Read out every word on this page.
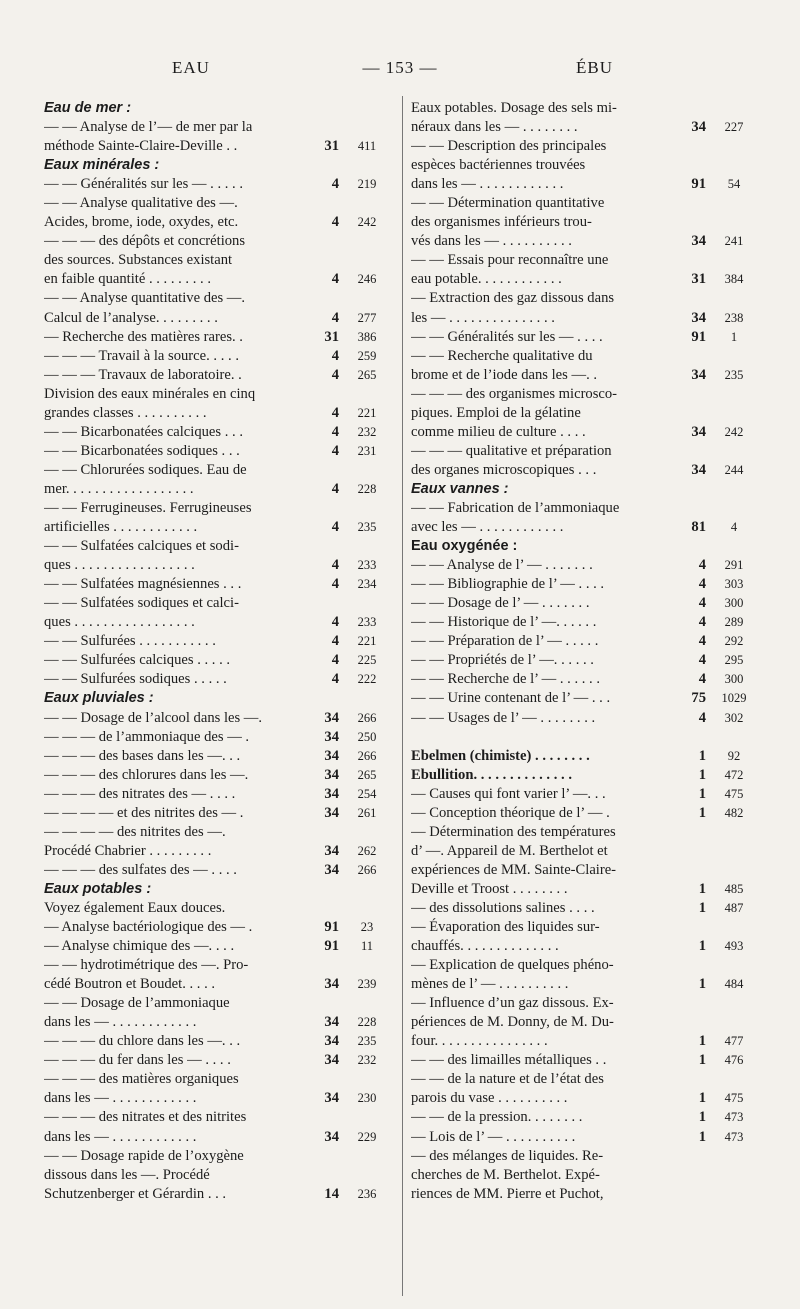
EAU	— 153 —	ÉBU
Eau de mer :
— — Analyse de l’— de mer par la
méthode Sainte-Claire-Deville . .	31	411
Eaux minérales :
— — Généralités sur les — . . . . .	4	219
— — Analyse qualitative des —.
Acides, brome, iode, oxydes, etc.	4	242
— — — des dépôts et concrétions
des sources. Substances existant
en faible quantité . . . . . . . . .	4	246
— — Analyse quantitative des —.
Calcul de l’analyse. . . . . . . . .	4	277
— Recherche des matières rares. .	31	386
— — — Travail à la source. . . . .	4	259
— — — Travaux de laboratoire. .	4	265
Division des eaux minérales en cinq
grandes classes . . . . . . . . . .	4	221
— — Bicarbonatées calciques . . .	4	232
— — Bicarbonatées sodiques . . .	4	231
— — Chlorurées sodiques. Eau de
mer. . . . . . . . . . . . . . . . . .	4	228
— — Ferrugineuses. Ferrugineuses
artificielles . . . . . . . . . . . .	4	235
— — Sulfatées calciques et sodi-
ques . . . . . . . . . . . . . . . . .	4	233
— — Sulfatées magnésiennes . . .	4	234
— — Sulfatées sodiques et calci-
ques . . . . . . . . . . . . . . . . .	4	233
— — Sulfurées . . . . . . . . . . .	4	221
— — Sulfurées calciques . . . . .	4	225
— — Sulfurées sodiques . . . . .	4	222
Eaux pluviales :
— — Dosage de l’alcool dans les —.	34	266
— — — de l’ammoniaque des — .	34	250
— — — des bases dans les —. . .	34	266
— — — des chlorures dans les —.	34	265
— — — des nitrates des — . . . .	34	254
— — — — et des nitrites des — .	34	261
— — — — des nitrites des —.
Procédé Chabrier . . . . . . . . .	34	262
— — — des sulfates des — . . . .	34	266
Eaux potables :
Voyez également Eaux douces.
— Analyse bactériologique des — .	91	23
— Analyse chimique des —. . . .	91	11
— — hydrotimétrique des —. Pro-
cédé Boutron et Boudet. . . . .	34	239
— — Dosage de l’ammoniaque
dans les — . . . . . . . . . . . .	34	228
— — — du chlore dans les —. . .	34	235
— — — du fer dans les — . . . .	34	232
— — — des matières organiques
dans les — . . . . . . . . . . . .	34	230
— — — des nitrates et des nitrites
dans les — . . . . . . . . . . . .	34	229
— — Dosage rapide de l’oxygène
dissous dans les —. Procédé
Schutzenberger et Gérardin . . .	14	236
Eaux potables. Dosage des sels mi-
néraux dans les — . . . . . . . .	34	227
— — Description des principales
espèces bactériennes trouvées
dans les — . . . . . . . . . . . .	91	54
— — Détermination quantitative
des organismes inférieurs trou-
vés dans les — . . . . . . . . . .	34	241
— — Essais pour reconnaître une
eau potable. . . . . . . . . . . .	31	384
— Extraction des gaz dissous dans
les — . . . . . . . . . . . . . . .	34	238
— — Généralités sur les — . . . .	91	1
— — Recherche qualitative du
brome et de l’iode dans les —. .	34	235
— — — des organismes microsco-
piques. Emploi de la gélatine
comme milieu de culture . . . .	34	242
— — — qualitative et préparation
des organes microscopiques . . .	34	244
Eaux vannes :
— — Fabrication de l’ammoniaque
avec les — . . . . . . . . . . . .	81	4
Eau oxygénée :
— — Analyse de l’ — . . . . . . .	4	291
— — Bibliographie de l’ — . . . .	4	303
— — Dosage de l’ — . . . . . . .	4	300
— — Historique de l’ —. . . . . .	4	289
— — Préparation de l’ — . . . . .	4	292
— — Propriétés de l’ —. . . . . .	4	295
— — Recherche de l’ — . . . . . .	4	300
— — Urine contenant de l’ — . . .	75	1029
— — Usages de l’ — . . . . . . . .	4	302
Ebelmen (chimiste) . . . . . . . .	1	92
Ebullition. . . . . . . . . . . . . .	1	472
— Causes qui font varier l’ —. . .	1	475
— Conception théorique de l’ — .	1	482
— Détermination des températures
d’ —. Appareil de M. Berthelot et
expériences de MM. Sainte-Claire-
Deville et Troost . . . . . . . .	1	485
— des dissolutions salines . . . .	1	487
— Évaporation des liquides sur-
chauffés. . . . . . . . . . . . . .	1	493
— Explication de quelques phéno-
mènes de l’ — . . . . . . . . . .	1	484
— Influence d’un gaz dissous. Ex-
périences de M. Donny, de M. Du-
four. . . . . . . . . . . . . . . .	1	477
— — des limailles métalliques . .	1	476
— — de la nature et de l’état des
parois du vase . . . . . . . . . .	1	475
— — de la pression. . . . . . . .	1	473
— Lois de l’ — . . . . . . . . . .	1	473
— des mélanges de liquides. Re-
cherches de M. Berthelot. Expé-
riences de MM. Pierre et Puchot,
